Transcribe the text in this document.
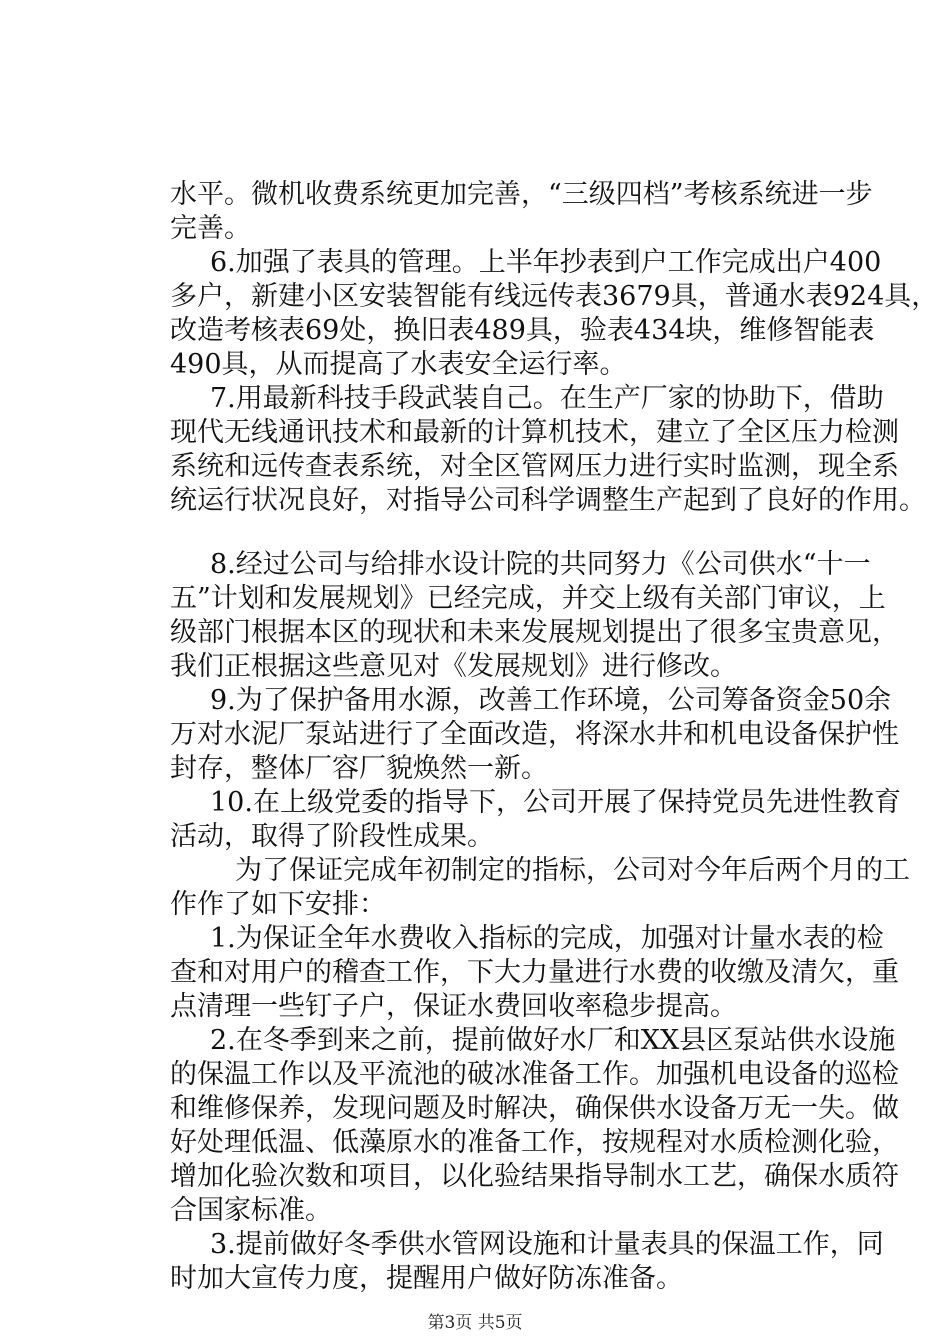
水平。微机收费系统更加完善，“三级四档”考核系统进一步
完善。
6.加强了表具的管理。上半年抄表到户工作完成出户400
多户，新建小区安装智能有线远传表3679具，普通水表924具，
改造考核表69处，换旧表489具，验表434块，维修智能表
490具，从而提高了水表安全运行率。
7.用最新科技手段武装自己。在生产厂家的协助下，借助
现代无线通讯技术和最新的计算机技术，建立了全区压力检测
系统和远传查表系统，对全区管网压力进行实时监测，现全系
统运行状况良好，对指导公司科学调整生产起到了良好的作用。
8.经过公司与给排水设计院的共同努力《公司供水“十一
五”计划和发展规划》已经完成，并交上级有关部门审议，上
级部门根据本区的现状和未来发展规划提出了很多宝贵意见，
我们正根据这些意见对《发展规划》进行修改。
9.为了保护备用水源，改善工作环境，公司筹备资金50余
万对水泥厂泵站进行了全面改造，将深水井和机电设备保护性
封存，整体厂容厂貌焕然一新。
10.在上级党委的指导下，公司开展了保持党员先进性教育
活动，取得了阶段性成果。
为了保证完成年初制定的指标，公司对今年后两个月的工
作作了如下安排：
1.为保证全年水费收入指标的完成，加强对计量水表的检
查和对用户的稽查工作，下大力量进行水费的收缴及清欠，重
点清理一些钉子户，保证水费回收率稳步提高。
2.在冬季到来之前，提前做好水厂和XX县区泵站供水设施
的保温工作以及平流池的破冰准备工作。加强机电设备的巡检
和维修保养，发现问题及时解决，确保供水设备万无一失。做
好处理低温、低藻原水的准备工作，按规程对水质检测化验，
增加化验次数和项目，以化验结果指导制水工艺，确保水质符
合国家标准。
3.提前做好冬季供水管网设施和计量表具的保温工作，同
时加大宣传力度，提醒用户做好防冻准备。
第3页 共5页
